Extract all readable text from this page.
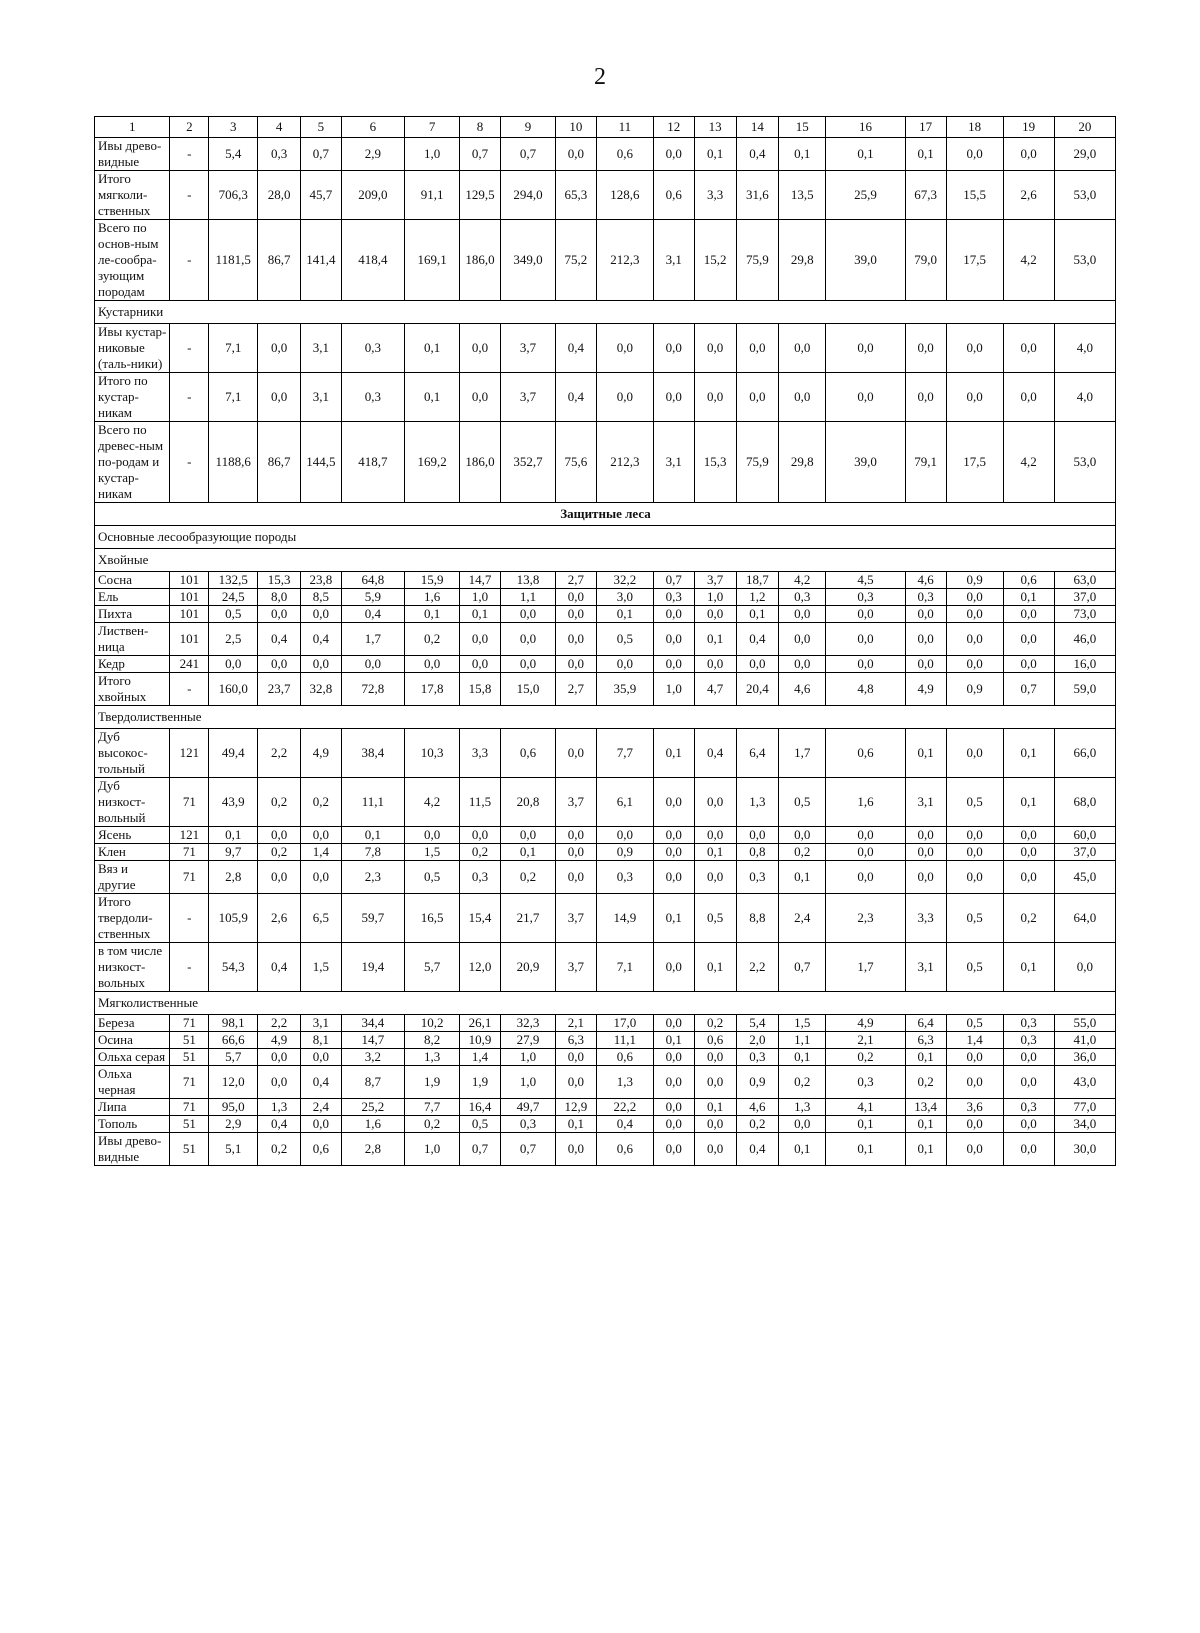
2
1	2	3	4	5	6	7	8	9	10	11	12	13	14	15	16	17	18	19	20
Ивы древо-видные	-	5,4	0,3	0,7	2,9	1,0	0,7	0,7	0,0	0,6	0,0	0,1	0,4	0,1	0,1	0,1	0,0	0,0	29,0
Итого мягколи-ственных	-	706,3	28,0	45,7	209,0	91,1	129,5	294,0	65,3	128,6	0,6	3,3	31,6	13,5	25,9	67,3	15,5	2,6	53,0
Всего по основ-ным ле-сообра-зующим породам	-	1181,5	86,7	141,4	418,4	169,1	186,0	349,0	75,2	212,3	3,1	15,2	75,9	29,8	39,0	79,0	17,5	4,2	53,0
Кустарники																			
Ивы кустар-никовые (таль-ники)	-	7,1	0,0	3,1	0,3	0,1	0,0	3,7	0,4	0,0	0,0	0,0	0,0	0,0	0,0	0,0	0,0	0,0	4,0
Итого по кустар-никам	-	7,1	0,0	3,1	0,3	0,1	0,0	3,7	0,4	0,0	0,0	0,0	0,0	0,0	0,0	0,0	0,0	0,0	4,0
Всего по древес-ным по-родам и кустар-никам	-	1188,6	86,7	144,5	418,7	169,2	186,0	352,7	75,6	212,3	3,1	15,3	75,9	29,8	39,0	79,1	17,5	4,2	53,0
Защитные леса																			
Основные лесообразующие породы																			
Хвойные																			
Сосна	101	132,5	15,3	23,8	64,8	15,9	14,7	13,8	2,7	32,2	0,7	3,7	18,7	4,2	4,5	4,6	0,9	0,6	63,0
Ель	101	24,5	8,0	8,5	5,9	1,6	1,0	1,1	0,0	3,0	0,3	1,0	1,2	0,3	0,3	0,3	0,0	0,1	37,0
Пихта	101	0,5	0,0	0,0	0,4	0,1	0,1	0,0	0,0	0,1	0,0	0,0	0,1	0,0	0,0	0,0	0,0	0,0	73,0
Листвен-ница	101	2,5	0,4	0,4	1,7	0,2	0,0	0,0	0,0	0,5	0,0	0,1	0,4	0,0	0,0	0,0	0,0	0,0	46,0
Кедр	241	0,0	0,0	0,0	0,0	0,0	0,0	0,0	0,0	0,0	0,0	0,0	0,0	0,0	0,0	0,0	0,0	0,0	16,0
Итого хвойных	-	160,0	23,7	32,8	72,8	17,8	15,8	15,0	2,7	35,9	1,0	4,7	20,4	4,6	4,8	4,9	0,9	0,7	59,0
Твердолиственные																			
Дуб высокос-тольный	121	49,4	2,2	4,9	38,4	10,3	3,3	0,6	0,0	7,7	0,1	0,4	6,4	1,7	0,6	0,1	0,0	0,1	66,0
Дуб низкост-вольный	71	43,9	0,2	0,2	11,1	4,2	11,5	20,8	3,7	6,1	0,0	0,0	1,3	0,5	1,6	3,1	0,5	0,1	68,0
Ясень	121	0,1	0,0	0,0	0,1	0,0	0,0	0,0	0,0	0,0	0,0	0,0	0,0	0,0	0,0	0,0	0,0	0,0	60,0
Клен	71	9,7	0,2	1,4	7,8	1,5	0,2	0,1	0,0	0,9	0,0	0,1	0,8	0,2	0,0	0,0	0,0	0,0	37,0
Вяз и другие	71	2,8	0,0	0,0	2,3	0,5	0,3	0,2	0,0	0,3	0,0	0,0	0,3	0,1	0,0	0,0	0,0	0,0	45,0
Итого твердоли-ственных	-	105,9	2,6	6,5	59,7	16,5	15,4	21,7	3,7	14,9	0,1	0,5	8,8	2,4	2,3	3,3	0,5	0,2	64,0
в том числе низкост-вольных	-	54,3	0,4	1,5	19,4	5,7	12,0	20,9	3,7	7,1	0,0	0,1	2,2	0,7	1,7	3,1	0,5	0,1	0,0
Мягколиственные																			
Береза	71	98,1	2,2	3,1	34,4	10,2	26,1	32,3	2,1	17,0	0,0	0,2	5,4	1,5	4,9	6,4	0,5	0,3	55,0
Осина	51	66,6	4,9	8,1	14,7	8,2	10,9	27,9	6,3	11,1	0,1	0,6	2,0	1,1	2,1	6,3	1,4	0,3	41,0
Ольха серая	51	5,7	0,0	0,0	3,2	1,3	1,4	1,0	0,0	0,6	0,0	0,0	0,3	0,1	0,2	0,1	0,0	0,0	36,0
Ольха черная	71	12,0	0,0	0,4	8,7	1,9	1,9	1,0	0,0	1,3	0,0	0,0	0,9	0,2	0,3	0,2	0,0	0,0	43,0
Липа	71	95,0	1,3	2,4	25,2	7,7	16,4	49,7	12,9	22,2	0,0	0,1	4,6	1,3	4,1	13,4	3,6	0,3	77,0
Тополь	51	2,9	0,4	0,0	1,6	0,2	0,5	0,3	0,1	0,4	0,0	0,0	0,2	0,0	0,1	0,1	0,0	0,0	34,0
Ивы древо-видные	51	5,1	0,2	0,6	2,8	1,0	0,7	0,7	0,0	0,6	0,0	0,0	0,4	0,1	0,1	0,1	0,0	0,0	30,0
